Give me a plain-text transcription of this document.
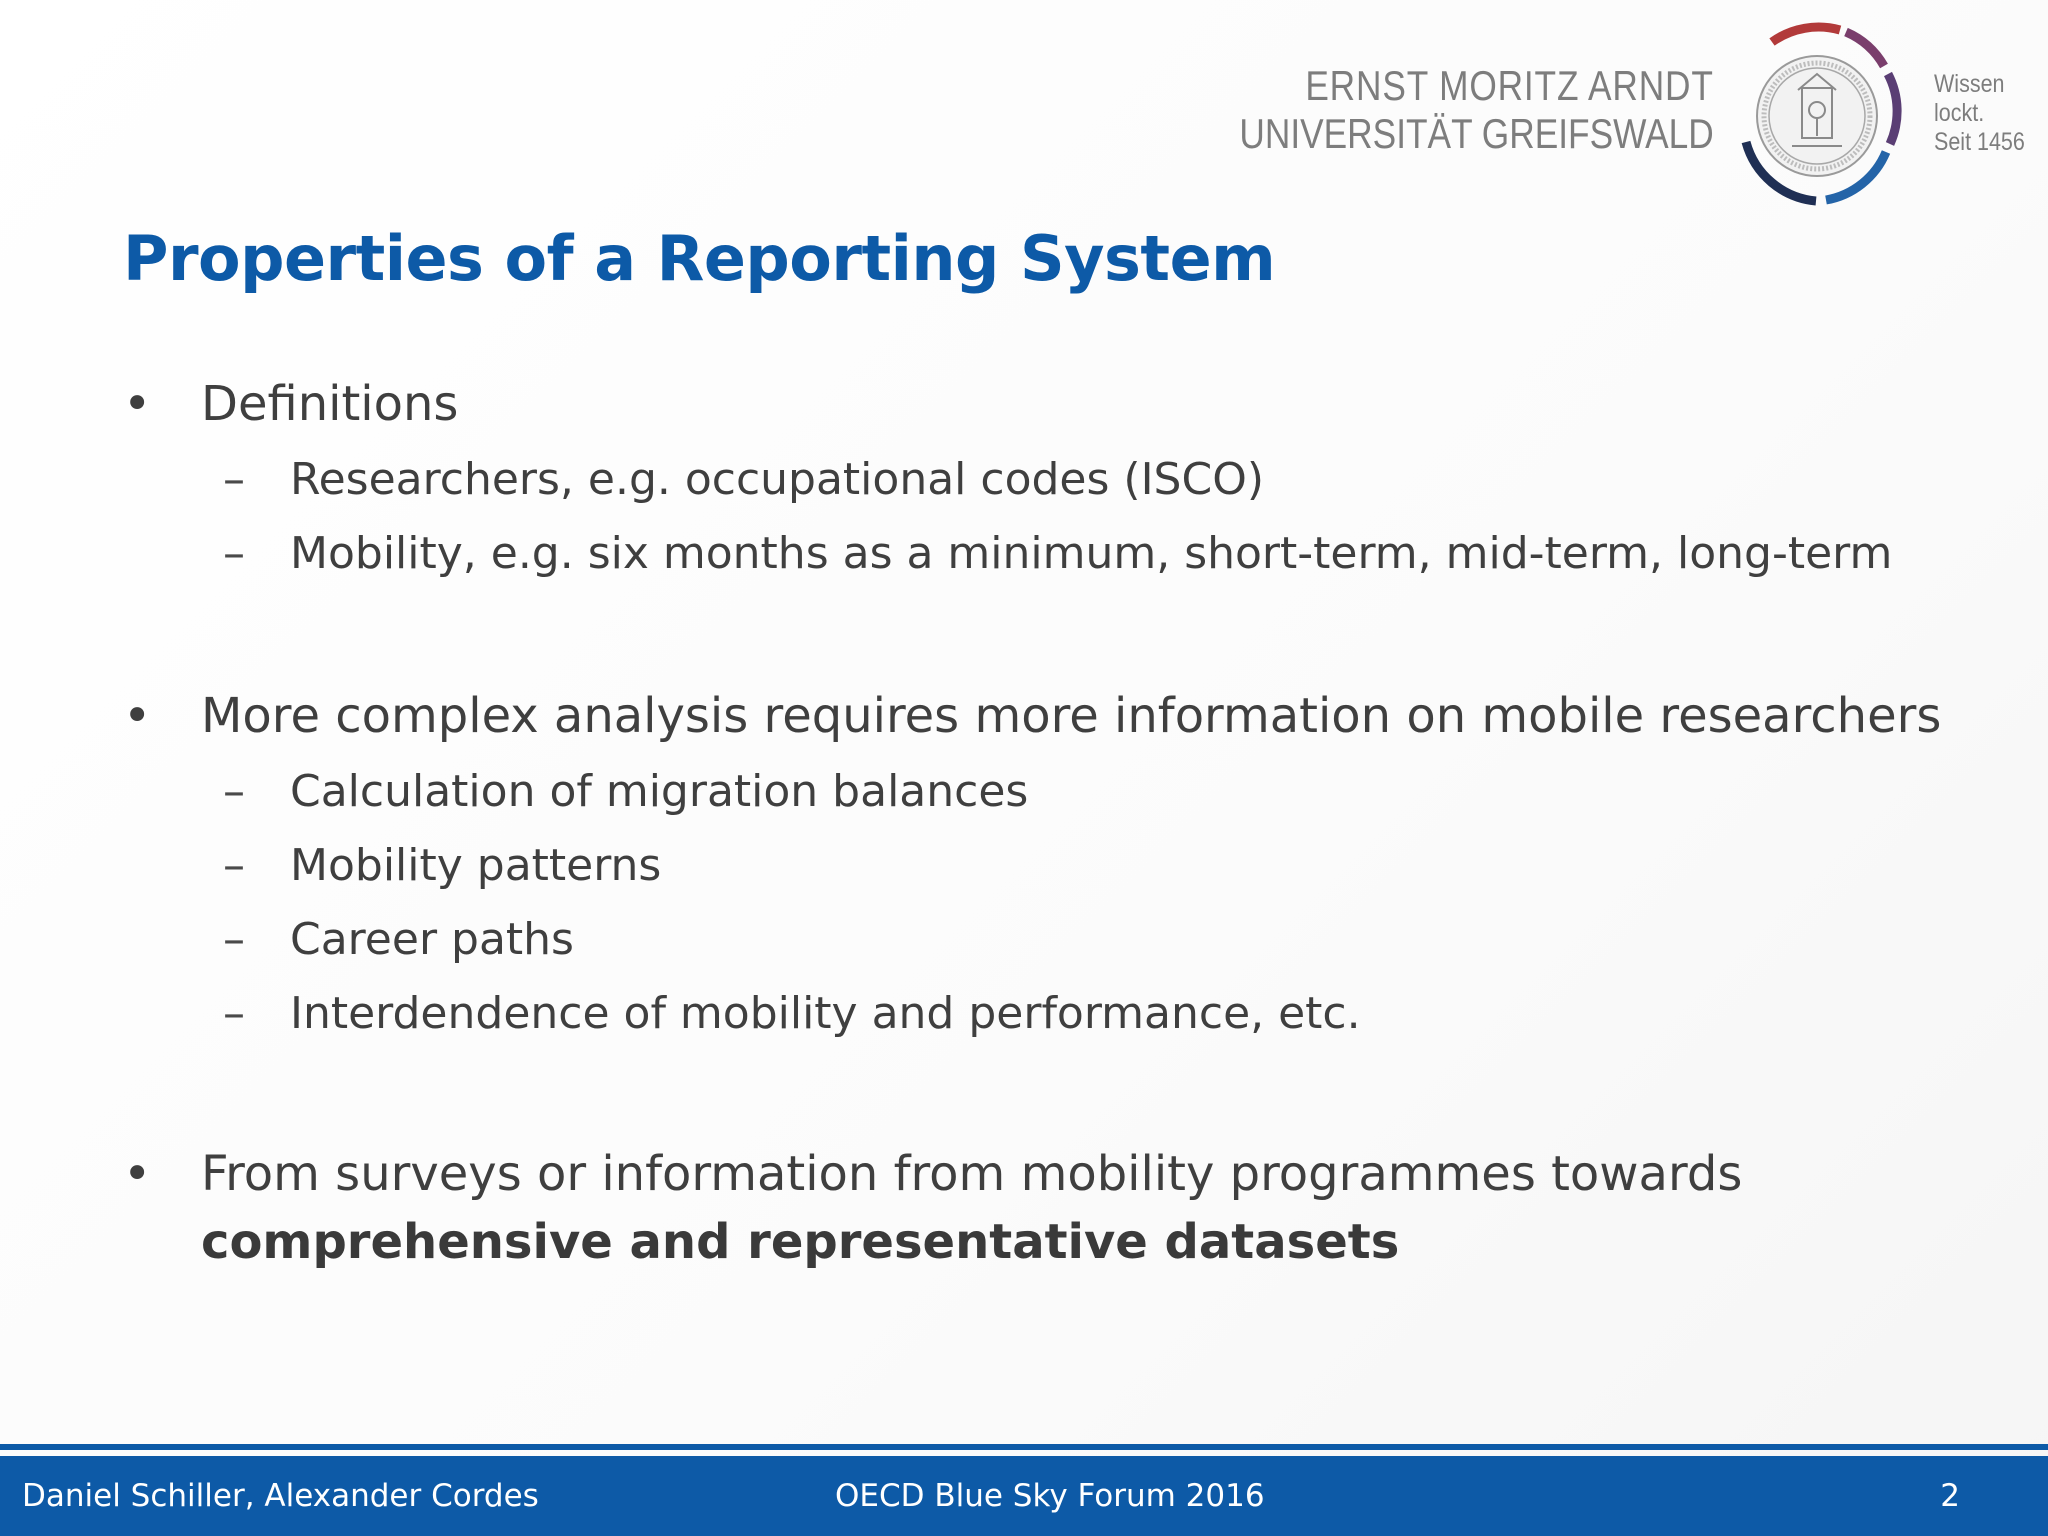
ERNST MORITZ ARNDT
UNIVERSITÄT GREIFSWALD
Wissen
lockt.
Seit 1456
Properties of a Reporting System
• Definitions
–	Researchers, e.g. occupational codes (ISCO)
–	Mobility, e.g. six months as a minimum, short-term, mid-term, long-term
• More complex analysis requires more information on mobile researchers
–	Calculation of migration balances
–	Mobility patterns
–	Career paths
–	Interdendence of mobility and performance, etc.
• From surveys or information from mobility programmes towards
comprehensive and representative datasets
Daniel Schiller, Alexander Cordes	OECD Blue Sky Forum 2016	2
